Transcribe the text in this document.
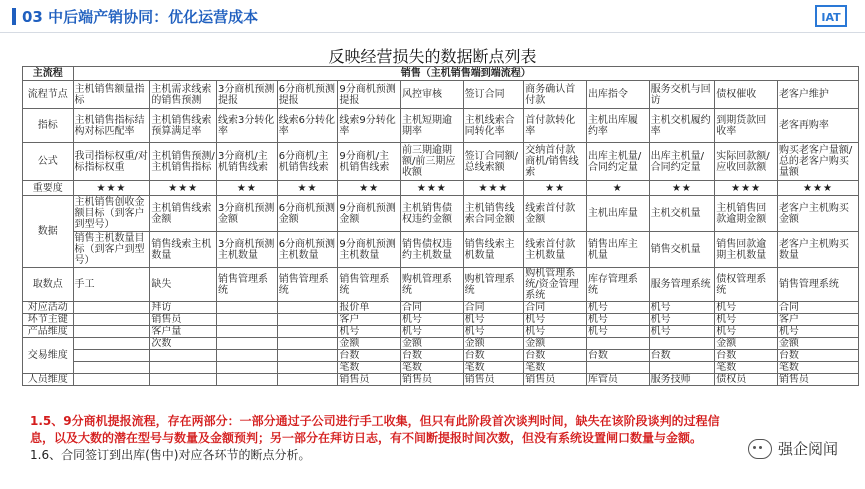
03 中后端产销协同：优化运营成本	IAT
反映经营损失的数据断点列表
主流程	销售（主机销售端到端流程）											
流程节点	主机销售额量指标	主机需求线索的销售预测	3分商机预测提报	6分商机预测提报	9分商机预测提报	风控审核	签订合同	商务确认首付款	出库指令	服务交机与回访	债权催收	老客户维护
指标	主机销售指标结构对标匹配率	主机销售线索预算满足率	线索3分转化率	线索6分转化率	线索9分转化率	主机短期逾期率	主机线索合同转化率	首付款转化率	主机出库履约率	主机交机履约率	到期货款回收率	老客再购率
公式	我司指标权重/对标指标权重	主机销售预测/主机销售指标	3分商机/主机销售线索	6分商机/主机销售线索	9分商机/主机销售线索	前三期逾期额/前三期应收额	签订合同额/总线索额	交纳首付款商机/销售线索	出库主机量/合同约定量	出库主机量/合同约定量	实际回款额/应收回款额	购买老客户量额/总的老客户购买量额
重要度	★★★	★★★	★★	★★	★★	★★★	★★★	★★	★	★★	★★★	★★★
数据	主机销售创收金额目标（到客户到型号）	主机销售线索金额	3分商机预测金额	6分商机预测金额	9分商机预测金额	主机销售债权违约金额	主机销售线索合同金额	线索首付款金额	主机出库量	主机交机量	主机销售回款逾期金额	老客户主机购买金额
	销售主机数量目标（到客户到型号）	销售线索主机数量	3分商机预测主机数量	6分商机预测主机数量	9分商机预测主机数量	销售债权违约主机数量	销售线索主机数量	线索首付款主机数量	销售出库主机量	销售交机量	销售回款逾期主机数量	老客户主机购买数量
取数点	手工	缺失	销售管理系统	销售管理系统	销售管理系统	购机管理系统	购机管理系统	购机管理系统/资金管理系统	库存管理系统	服务管理系统	债权管理系统	销售管理系统
对应活动		拜访			报价单	合同	合同	合同	机号	机号	机号	合同
环节主键		销售员			客户	机号	机号	机号	机号	机号	机号	客户
产品维度		客户量			机号	机号	机号	机号	机号	机号	机号	机号
交易维度		次数			金额	金额	金额	金额			金额	金额
					台数	台数	台数	台数	台数	台数	台数	台数
					笔数	笔数	笔数	笔数			笔数	笔数
人员维度					销售员	销售员	销售员	销售员	库管员	服务技师	债权员	销售员
1.5、9分商机提报流程，存在两部分：一部分通过子公司进行手工收集，但只有此阶段首次谈判时间，缺失在该阶段谈判的过程信息，以及大数的潜在型号与数量及金额预判；另一部分在拜访日志，有不间断提报时间次数，但没有系统设置闸口数量与金额。
1.6、合同签订到出库(售中)对应各环节的断点分析。	强企阅闻
